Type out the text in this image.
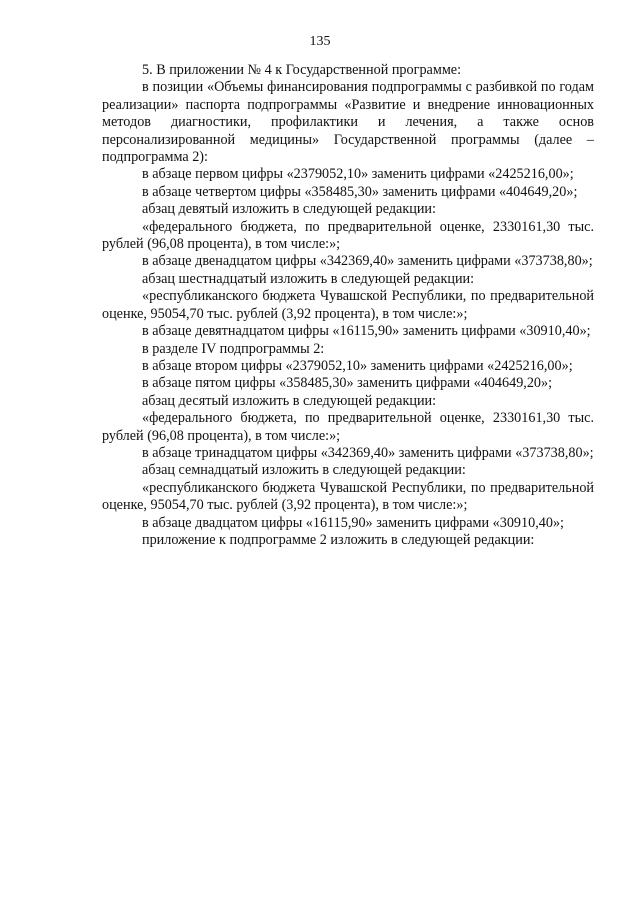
135

5. В приложении № 4 к Государственной программе:

в позиции «Объемы финансирования подпрограммы с разбивкой по годам реализации» паспорта подпрограммы «Развитие и внедрение инновационных методов диагностики, профилактики и лечения, а также основ персонализированной медицины» Государственной программы (далее – подпрограмма 2):

в абзаце первом цифры «2379052,10» заменить цифрами «2425216,00»;

в абзаце четвертом цифры «358485,30» заменить цифрами «404649,20»;

абзац девятый изложить в следующей редакции:

«федерального бюджета, по предварительной оценке, 2330161,30 тыс. рублей (96,08 процента), в том числе:»;

в абзаце двенадцатом цифры «342369,40» заменить цифрами «373738,80»;

абзац шестнадцатый изложить в следующей редакции:

«республиканского бюджета Чувашской Республики, по предварительной оценке, 95054,70 тыс. рублей (3,92 процента), в том числе:»;

в абзаце девятнадцатом цифры «16115,90» заменить цифрами «30910,40»;

в разделе IV подпрограммы 2:

в абзаце втором цифры «2379052,10» заменить цифрами «2425216,00»;

в абзаце пятом цифры «358485,30» заменить цифрами «404649,20»;

абзац десятый изложить в следующей редакции:

«федерального бюджета, по предварительной оценке, 2330161,30 тыс. рублей (96,08 процента), в том числе:»;

в абзаце тринадцатом цифры «342369,40» заменить цифрами «373738,80»;

абзац семнадцатый изложить в следующей редакции:

«республиканского бюджета Чувашской Республики, по предварительной оценке, 95054,70 тыс. рублей (3,92 процента), в том числе:»;

в абзаце двадцатом цифры «16115,90» заменить цифрами «30910,40»;

приложение к подпрограмме 2 изложить в следующей редакции:
